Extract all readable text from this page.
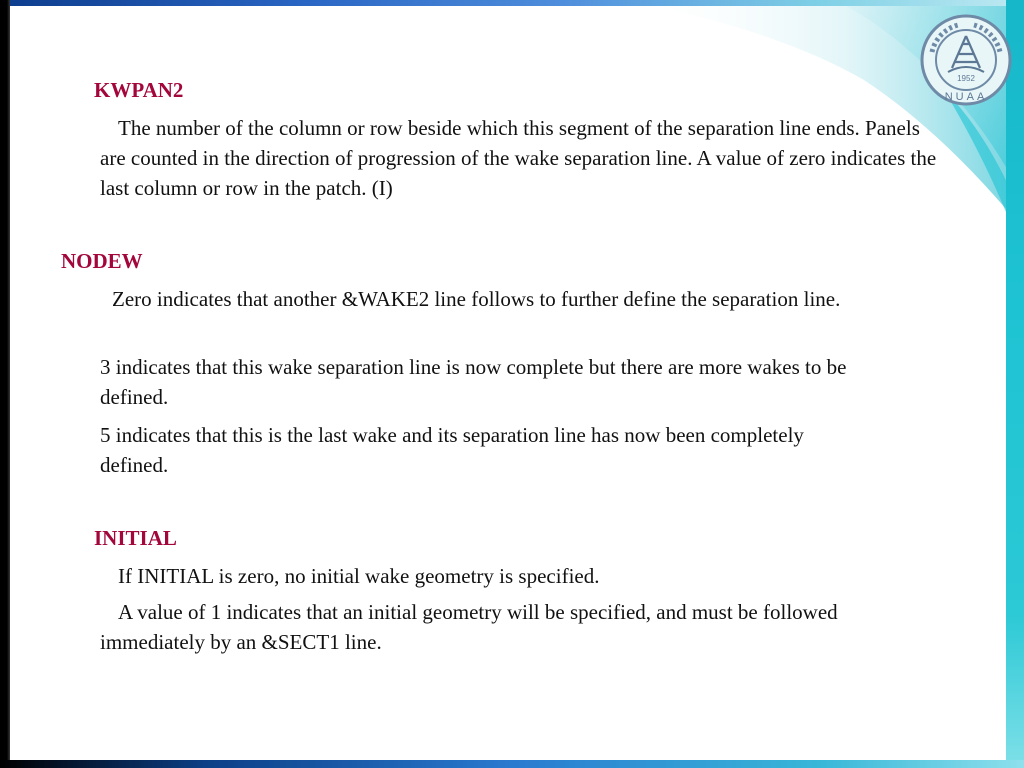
1952
NUAA
KWPAN2

The number of the column or row beside which this segment of the separation line ends. Panels are counted in the direction of progression of the wake separation line. A value of zero indicates the last column or row in the patch. (I)

NODEW

Zero indicates that another &WAKE2 line follows to further define the separation line.

3 indicates that this wake separation line is now complete but there are more wakes to be defined.

5 indicates that this is the last wake and its separation line has now been completely defined.

INITIAL

If INITIAL is zero, no initial wake geometry is specified.

A value of 1 indicates that an initial geometry will be specified, and must be followed immediately by an &SECT1 line.
